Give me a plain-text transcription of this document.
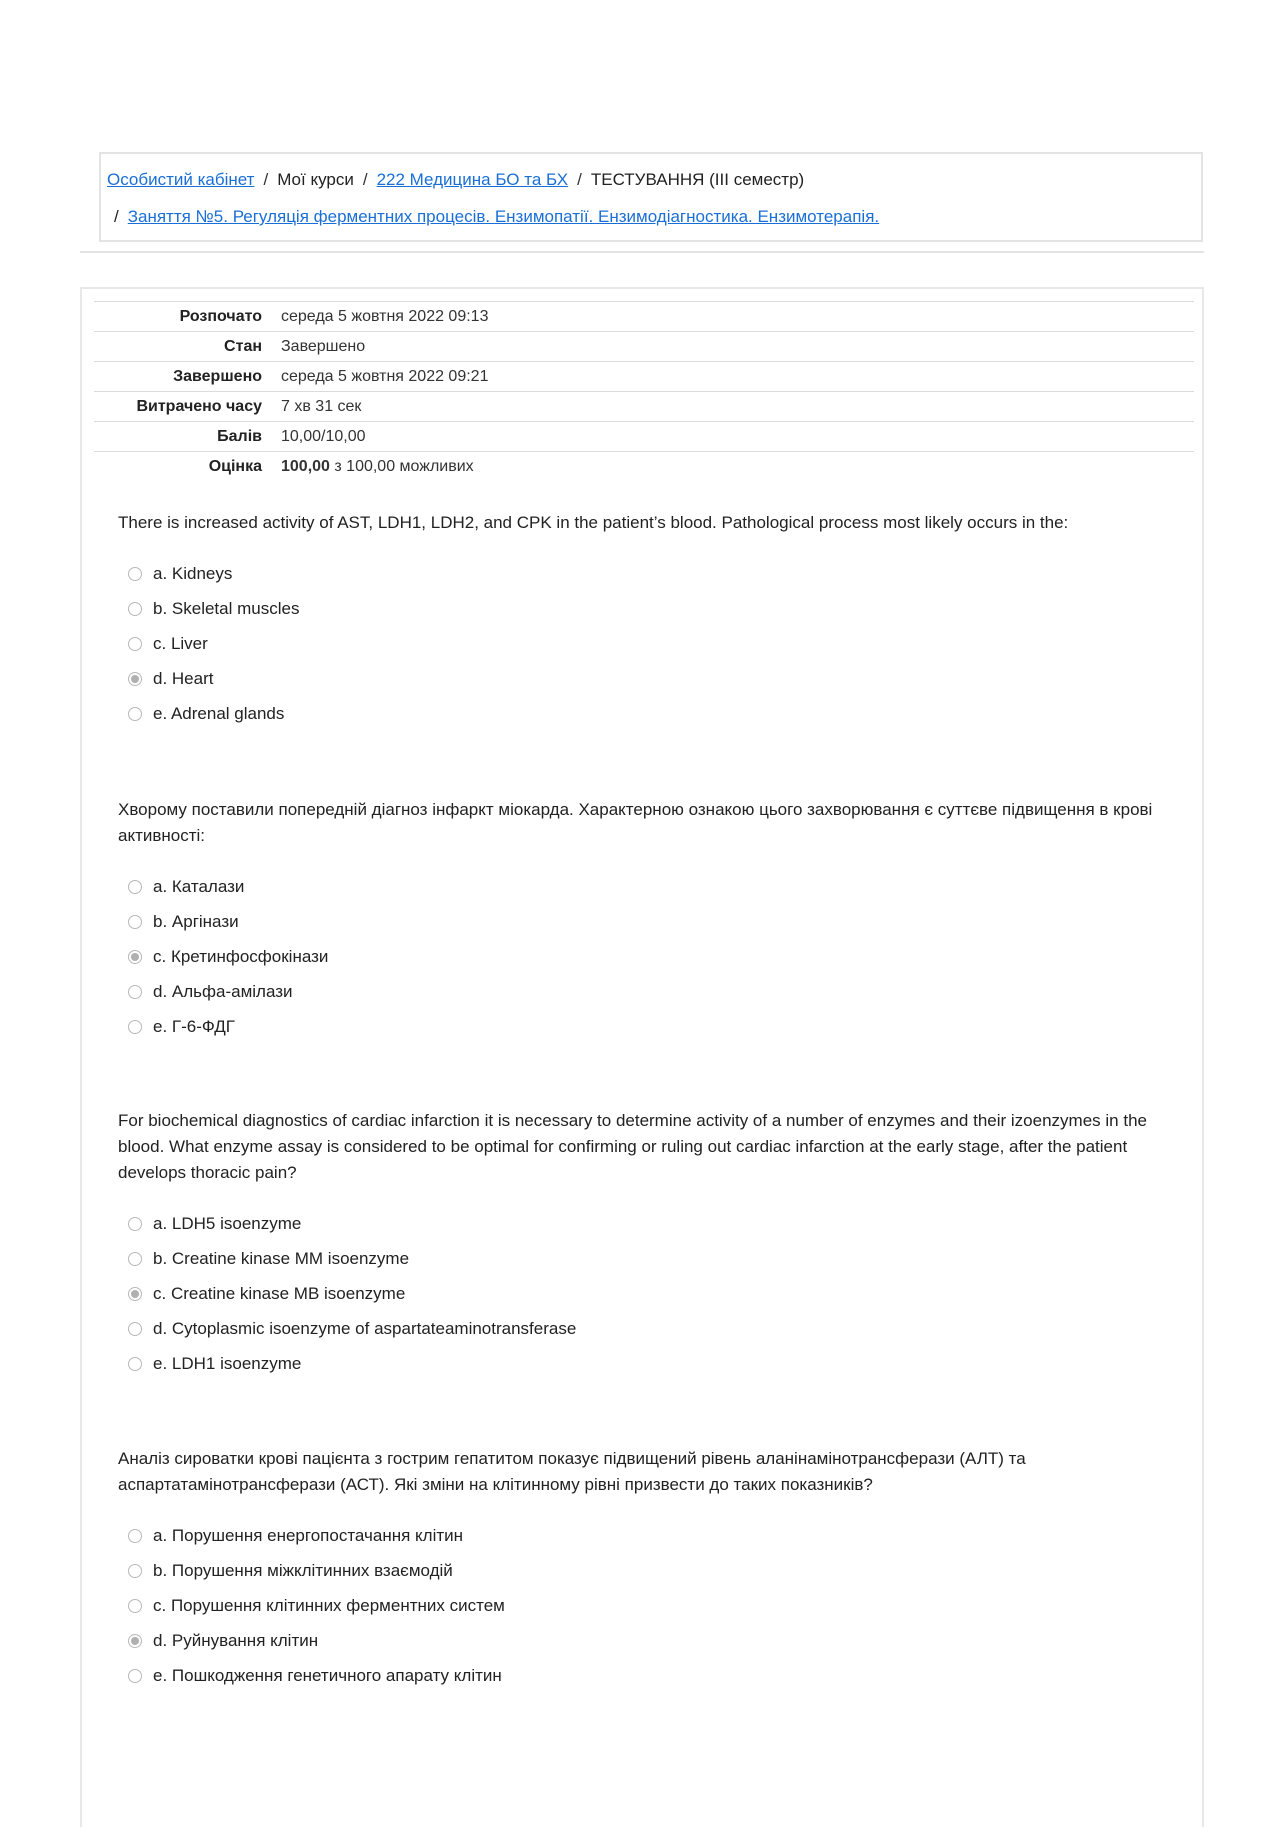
Особистий кабінет / Мої курси / 222 Медицина БО та БХ / ТЕСТУВАННЯ (ІІІ семестр)
/ Заняття №5. Регуляція ферментних процесів. Ензимопатії. Ензимодіагностика. Ензимотерапія.
Розпочато	середа 5 жовтня 2022 09:13
Стан	Завершено
Завершено	середа 5 жовтня 2022 09:21
Витрачено часу	7 хв 31 сек
Балів	10,00/10,00
Оцінка	100,00 з 100,00 можливих
There is increased activity of AST, LDH1, LDH2, and CPK in the patient’s blood. Pathological process most likely occurs in the:
a. Kidneys
b. Skeletal muscles
c. Liver
d. Heart
e. Adrenal glands
Хворому поставили попередній діагноз інфаркт міокарда. Характерною ознакою цього захворювання є суттєве підвищення в крові активності:
a. Каталази
b. Аргінази
c. Кретинфосфокінази
d. Альфа-амілази
e. Г-6-ФДГ
For biochemical diagnostics of cardiac infarction it is necessary to determine activity of a number of enzymes and their izoenzymes in the blood. What enzyme assay is considered to be optimal for confirming or ruling out cardiac infarction at the early stage, after the patient develops thoracic pain?
a. LDH5 isoenzyme
b. Creatine kinase MM isoenzyme
c. Creatine kinase MB isoenzyme
d. Cytoplasmic isoenzyme of aspartateaminotransferase
e. LDH1 isoenzyme
Аналіз сироватки крові пацієнта з гострим гепатитом показує підвищений рівень аланінамінотрансферази (АЛТ) та аспартатамінотрансферази (АСТ). Які зміни на клітинному рівні призвести до таких показників?
a. Порушення енергопостачання клітин
b. Порушення міжклітинних взаємодій
c. Порушення клітинних ферментних систем
d. Руйнування клітин
e. Пошкодження генетичного апарату клітин
